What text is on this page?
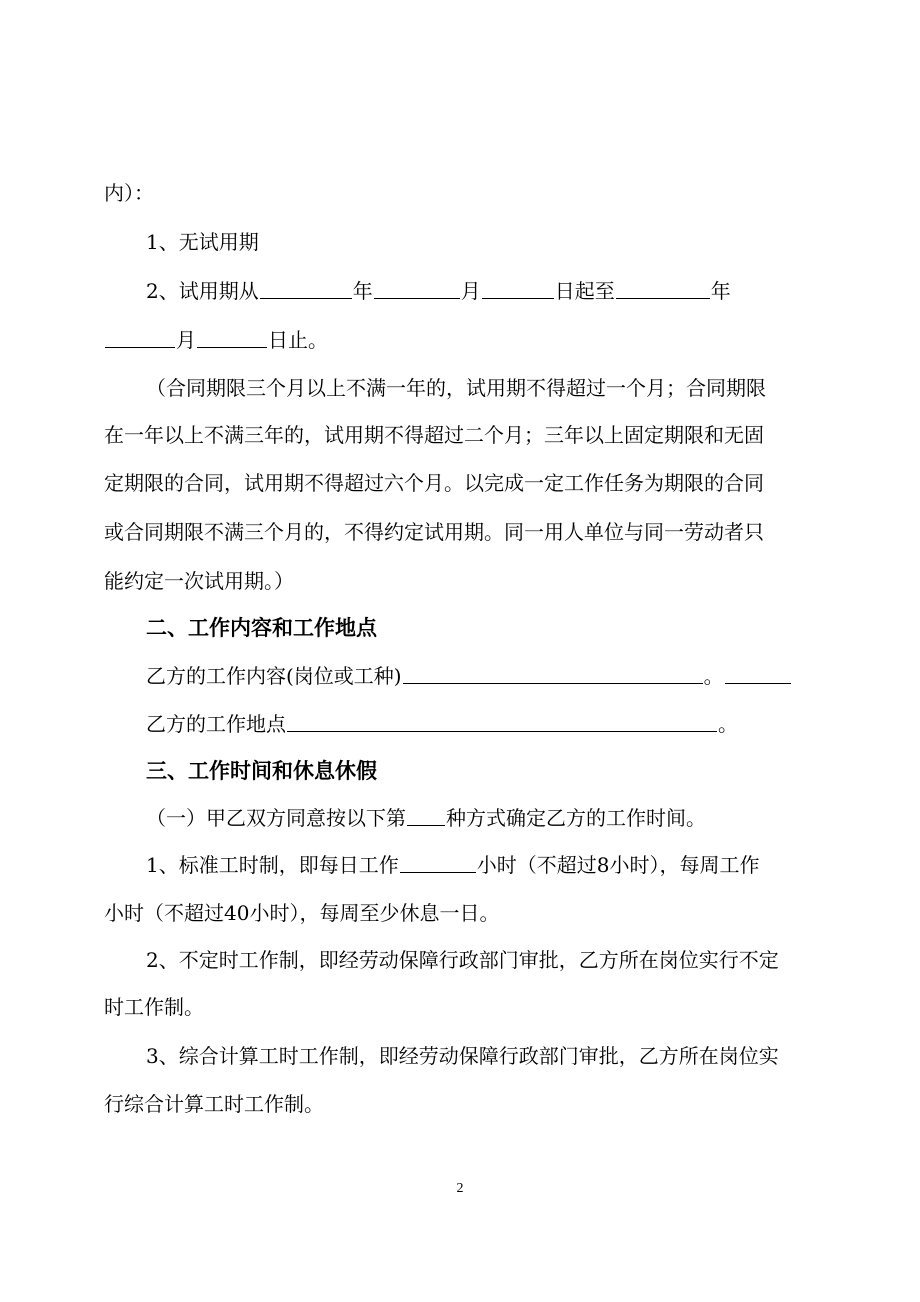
内）：
1、无试用期
2、试用期从	年	月	日起至	年
月	日止。
（合同期限三个月以上不满一年的，试用期不得超过一个月；合同期限
在一年以上不满三年的，试用期不得超过二个月；三年以上固定期限和无固
定期限的合同，试用期不得超过六个月。以完成一定工作任务为期限的合同
或合同期限不满三个月的，不得约定试用期。同一用人单位与同一劳动者只
能约定一次试用期。）
二、工作内容和工作地点
乙方的工作内容(岗位或工种)	。
乙方的工作地点	。
三、工作时间和休息休假
（一）甲乙双方同意按以下第 种方式确定乙方的工作时间。
1、标准工时制，即每日工作	小时（不超过8小时），每周工作
小时（不超过40小时），每周至少休息一日。
2、不定时工作制，即经劳动保障行政部门审批，乙方所在岗位实行不定
时工作制。
3、综合计算工时工作制，即经劳动保障行政部门审批，乙方所在岗位实
行综合计算工时工作制。
2
